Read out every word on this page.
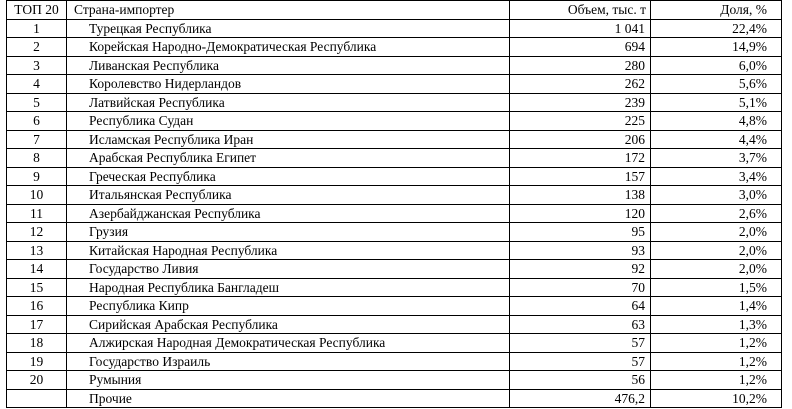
ТОП 20	Страна-импортер	Объем, тыс. т	Доля, %
1	Турецкая Республика	1 041	22,4%
2	Корейская Народно-Демократическая Республика	694	14,9%
3	Ливанская Республика	280	6,0%
4	Королевство Нидерландов	262	5,6%
5	Латвийская Республика	239	5,1%
6	Республика Судан	225	4,8%
7	Исламская Республика Иран	206	4,4%
8	Арабская Республика Египет	172	3,7%
9	Греческая Республика	157	3,4%
10	Итальянская Республика	138	3,0%
11	Азербайджанская Республика	120	2,6%
12	Грузия	95	2,0%
13	Китайская Народная Республика	93	2,0%
14	Государство Ливия	92	2,0%
15	Народная Республика Бангладеш	70	1,5%
16	Республика Кипр	64	1,4%
17	Сирийская Арабская Республика	63	1,3%
18	Алжирская Народная Демократическая Республика	57	1,2%
19	Государство Израиль	57	1,2%
20	Румыния	56	1,2%
	Прочие	476,2	10,2%
